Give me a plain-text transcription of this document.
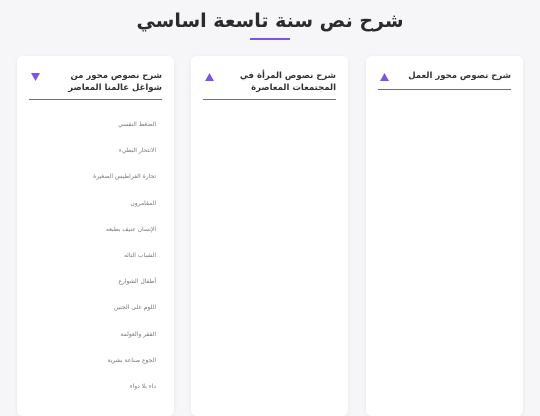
شرح نص سنة تاسعة اساسي
شرح نصوص محور العمل
شرح نصوص المرأة في المجتمعات المعاصرة
شرح نصوص محور من شواغل عالمنا المعاصر
الضغط النفسي
الانتحار البطيء
تجارة الفراطيس الصغيرة
المقامرون
الإنسان عنيف بطبعه
الشباب التائه
أطفال الشوارع
اللوم على الجنين
الفقر والعولمة
الجوع صناعة بشرية
داء بلا دواء
